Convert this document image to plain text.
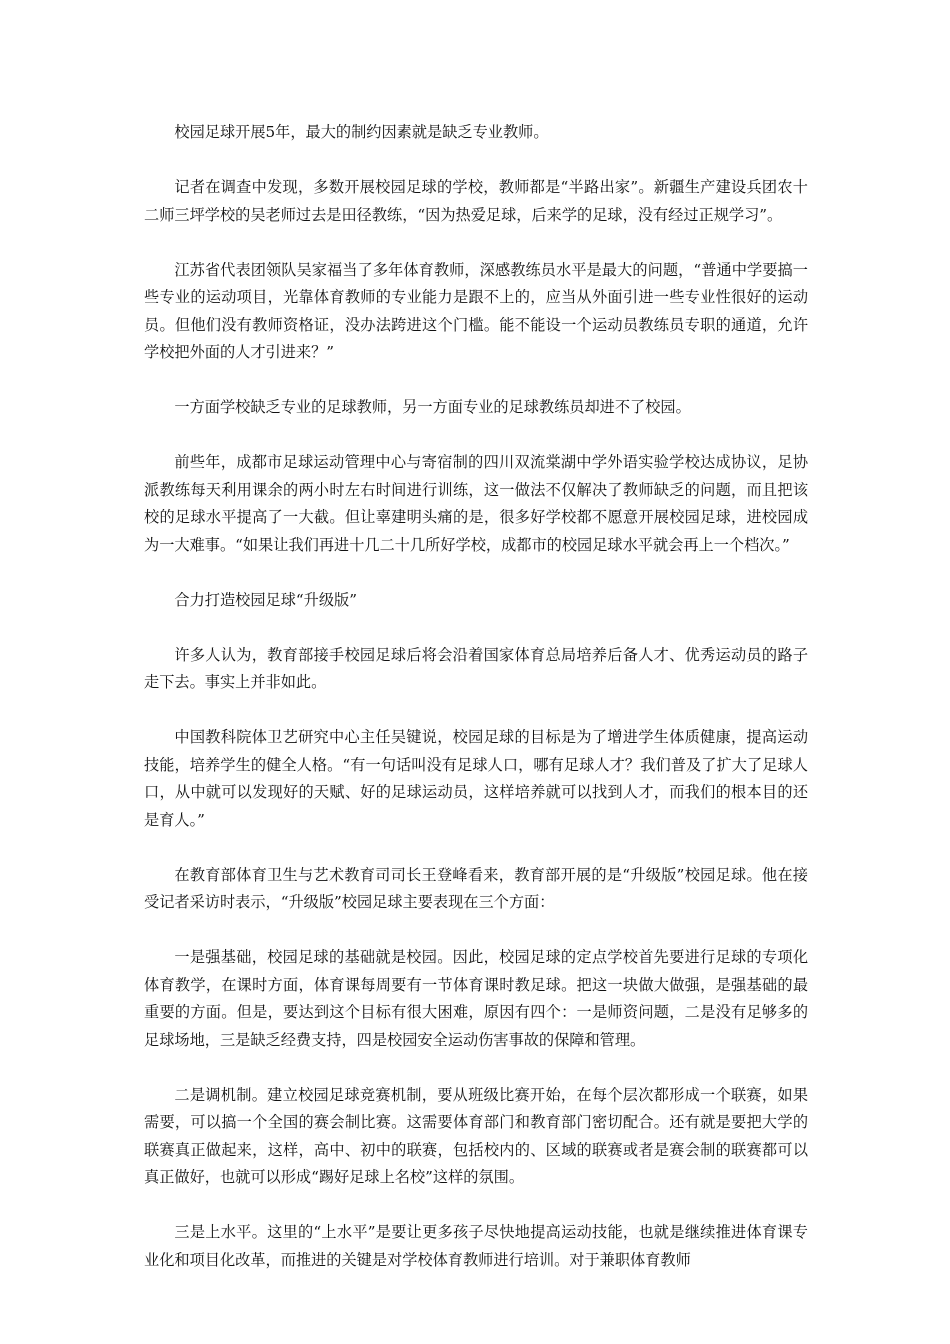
校园足球开展5年，最大的制约因素就是缺乏专业教师。

记者在调查中发现，多数开展校园足球的学校，教师都是“半路出家”。新疆生产建设兵团农十二师三坪学校的吴老师过去是田径教练，“因为热爱足球，后来学的足球，没有经过正规学习”。

江苏省代表团领队吴家福当了多年体育教师，深感教练员水平是最大的问题，“普通中学要搞一些专业的运动项目，光靠体育教师的专业能力是跟不上的，应当从外面引进一些专业性很好的运动员。但他们没有教师资格证，没办法跨进这个门槛。能不能设一个运动员教练员专职的通道，允许学校把外面的人才引进来？”

一方面学校缺乏专业的足球教师，另一方面专业的足球教练员却进不了校园。

前些年，成都市足球运动管理中心与寄宿制的四川双流棠湖中学外语实验学校达成协议，足协派教练每天利用课余的两小时左右时间进行训练，这一做法不仅解决了教师缺乏的问题，而且把该校的足球水平提高了一大截。但让辜建明头痛的是，很多好学校都不愿意开展校园足球，进校园成为一大难事。“如果让我们再进十几二十几所好学校，成都市的校园足球水平就会再上一个档次。”

合力打造校园足球“升级版”

许多人认为，教育部接手校园足球后将会沿着国家体育总局培养后备人才、优秀运动员的路子走下去。事实上并非如此。

中国教科院体卫艺研究中心主任吴键说，校园足球的目标是为了增进学生体质健康，提高运动技能，培养学生的健全人格。“有一句话叫没有足球人口，哪有足球人才？我们普及了扩大了足球人口，从中就可以发现好的天赋、好的足球运动员，这样培养就可以找到人才，而我们的根本目的还是育人。”

在教育部体育卫生与艺术教育司司长王登峰看来，教育部开展的是“升级版”校园足球。他在接受记者采访时表示，“升级版”校园足球主要表现在三个方面：

一是强基础，校园足球的基础就是校园。因此，校园足球的定点学校首先要进行足球的专项化体育教学，在课时方面，体育课每周要有一节体育课时教足球。把这一块做大做强，是强基础的最重要的方面。但是，要达到这个目标有很大困难，原因有四个：一是师资问题，二是没有足够多的足球场地，三是缺乏经费支持，四是校园安全运动伤害事故的保障和管理。

二是调机制。建立校园足球竞赛机制，要从班级比赛开始，在每个层次都形成一个联赛，如果需要，可以搞一个全国的赛会制比赛。这需要体育部门和教育部门密切配合。还有就是要把大学的联赛真正做起来，这样，高中、初中的联赛，包括校内的、区域的联赛或者是赛会制的联赛都可以真正做好，也就可以形成“踢好足球上名校”这样的氛围。

三是上水平。这里的“上水平”是要让更多孩子尽快地提高运动技能，也就是继续推进体育课专业化和项目化改革，而推进的关键是对学校体育教师进行培训。对于兼职体育教师
